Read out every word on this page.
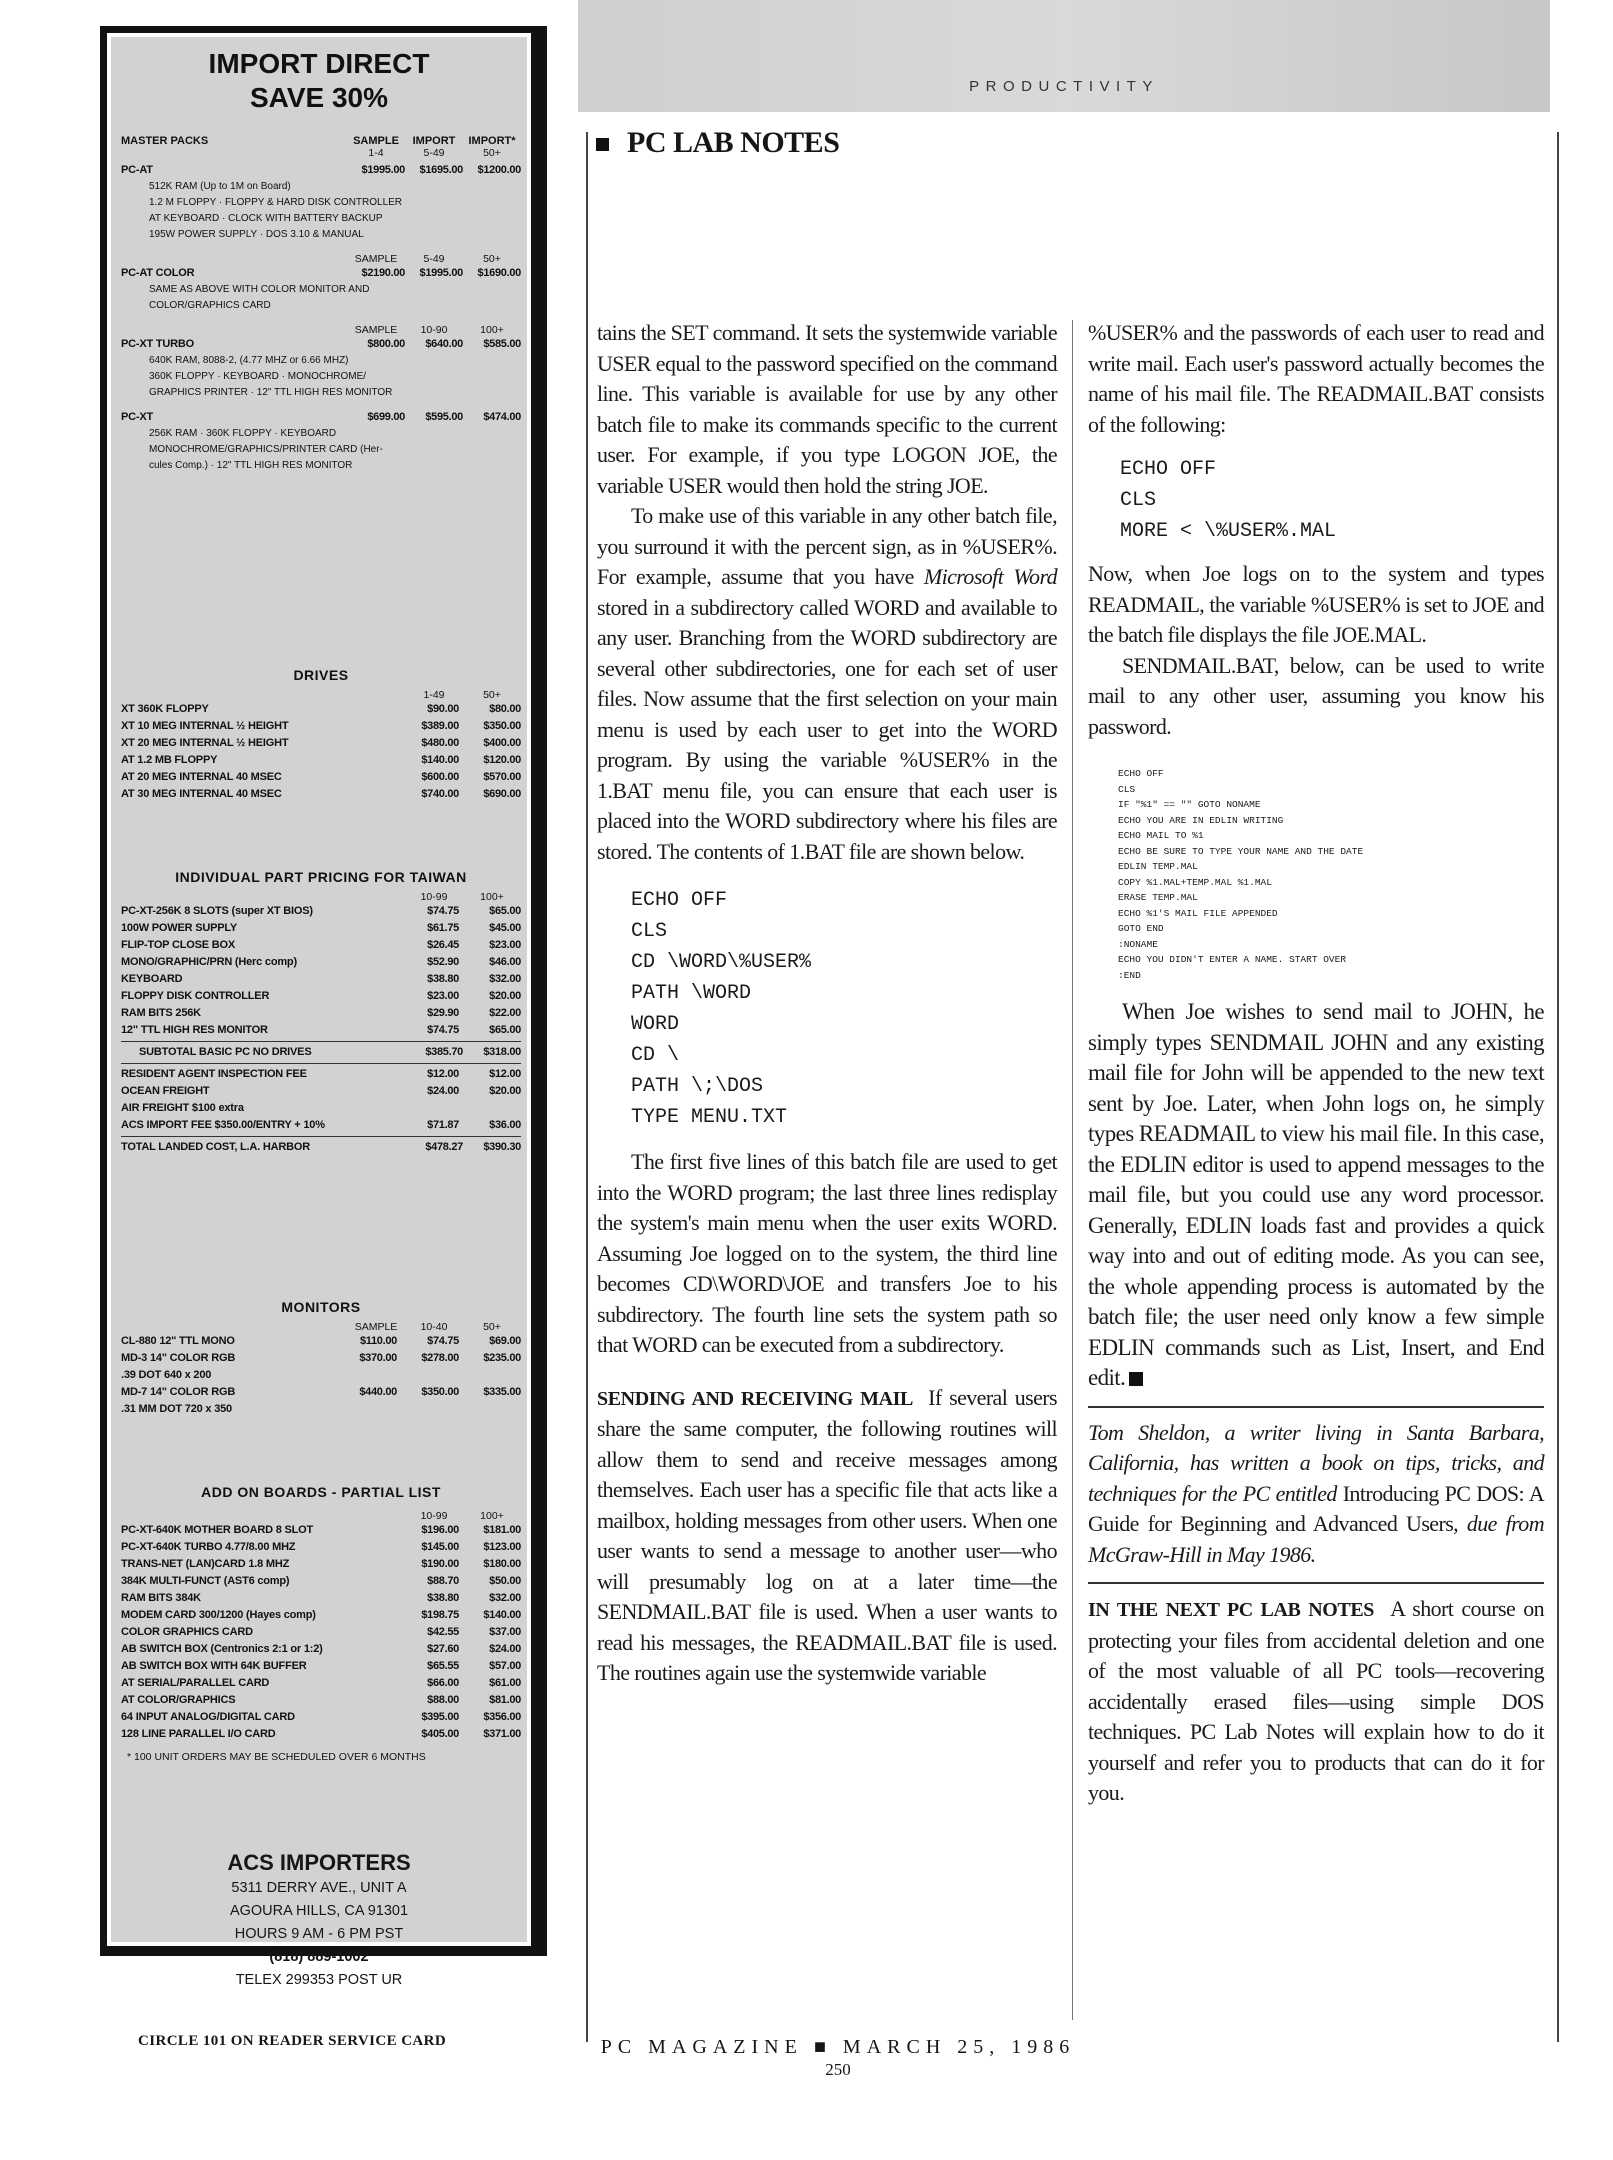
IMPORT DIRECT
SAVE 30%
MASTER PACKS	SAMPLE	IMPORT	IMPORT*
1-4	5-49	50+
PC-AT	$1995.00	$1695.00	$1200.00
512K RAM (Up to 1M on Board)
1.2 M FLOPPY · FLOPPY & HARD DISK CONTROLLER
AT KEYBOARD · CLOCK WITH BATTERY BACKUP
195W POWER SUPPLY · DOS 3.10 & MANUAL
SAMPLE	5-49	50+
PC-AT COLOR	$2190.00	$1995.00	$1690.00
SAME AS ABOVE WITH COLOR MONITOR AND
COLOR/GRAPHICS CARD
SAMPLE	10-90	100+
PC-XT TURBO	$800.00	$640.00	$585.00
640K RAM, 8088-2, (4.77 MHZ or 6.66 MHZ)
360K FLOPPY · KEYBOARD · MONOCHROME/
GRAPHICS PRINTER · 12" TTL HIGH RES MONITOR
PC-XT	$699.00	$595.00	$474.00
256K RAM · 360K FLOPPY · KEYBOARD
MONOCHROME/GRAPHICS/PRINTER CARD (Her-
cules Comp.) · 12" TTL HIGH RES MONITOR
DRIVES
1-49	50+
XT 360K FLOPPY	$90.00	$80.00
XT 10 MEG INTERNAL ½ HEIGHT	$389.00	$350.00
XT 20 MEG INTERNAL ½ HEIGHT	$480.00	$400.00
AT 1.2 MB FLOPPY	$140.00	$120.00
AT 20 MEG INTERNAL 40 MSEC	$600.00	$570.00
AT 30 MEG INTERNAL 40 MSEC	$740.00	$690.00
INDIVIDUAL PART PRICING FOR TAIWAN
10-99	100+
PC-XT-256K 8 SLOTS (super XT BIOS)	$74.75	$65.00
100W POWER SUPPLY	$61.75	$45.00
FLIP-TOP CLOSE BOX	$26.45	$23.00
MONO/GRAPHIC/PRN (Herc comp)	$52.90	$46.00
KEYBOARD	$38.80	$32.00
FLOPPY DISK CONTROLLER	$23.00	$20.00
RAM BITS 256K	$29.90	$22.00
12" TTL HIGH RES MONITOR	$74.75	$65.00
SUBTOTAL BASIC PC NO DRIVES	$385.70	$318.00
RESIDENT AGENT INSPECTION FEE	$12.00	$12.00
OCEAN FREIGHT	$24.00	$20.00
AIR FREIGHT $100 extra
ACS IMPORT FEE $350.00/ENTRY + 10%	$71.87	$36.00
TOTAL LANDED COST, L.A. HARBOR	$478.27	$390.30
MONITORS
SAMPLE	10-40	50+
CL-880 12" TTL MONO	$110.00	$74.75	$69.00
MD-3 14" COLOR RGB	$370.00	$278.00	$235.00
.39 DOT 640 x 200
MD-7 14" COLOR RGB	$440.00	$350.00	$335.00
.31 MM DOT 720 x 350
ADD ON BOARDS - PARTIAL LIST
10-99	100+
PC-XT-640K MOTHER BOARD 8 SLOT	$196.00	$181.00
PC-XT-640K TURBO 4.77/8.00 MHZ	$145.00	$123.00
TRANS-NET (LAN)CARD 1.8 MHZ	$190.00	$180.00
384K MULTI-FUNCT (AST6 comp)	$88.70	$50.00
RAM BITS 384K	$38.80	$32.00
MODEM CARD 300/1200 (Hayes comp)	$198.75	$140.00
COLOR GRAPHICS CARD	$42.55	$37.00
AB SWITCH BOX (Centronics 2:1 or 1:2)	$27.60	$24.00
AB SWITCH BOX WITH 64K BUFFER	$65.55	$57.00
AT SERIAL/PARALLEL CARD	$66.00	$61.00
AT COLOR/GRAPHICS	$88.00	$81.00
64 INPUT ANALOG/DIGITAL CARD	$395.00	$356.00
128 LINE PARALLEL I/O CARD	$405.00	$371.00
* 100 UNIT ORDERS MAY BE SCHEDULED OVER 6 MONTHS
ACS IMPORTERS
5311 DERRY AVE., UNIT A
AGOURA HILLS, CA 91301
HOURS 9 AM - 6 PM PST
(818) 889-1002
TELEX 299353 POST UR
CIRCLE 101 ON READER SERVICE CARD
PRODUCTIVITY
PC LAB NOTES

tains the SET command. It sets the systemwide variable USER equal to the password specified on the command line. This variable is available for use by any other batch file to make its commands specific to the current user. For example, if you type LOGON JOE, the variable USER would then hold the string JOE.

To make use of this variable in any other batch file, you surround it with the percent sign, as in %USER%. For example, assume that you have Microsoft Word stored in a subdirectory called WORD and available to any user. Branching from the WORD subdirectory are several other subdirectories, one for each set of user files. Now assume that the first selection on your main menu is used by each user to get into the WORD program. By using the variable %USER% in the 1.BAT menu file, you can ensure that each user is placed into the WORD subdirectory where his files are stored. The contents of 1.BAT file are shown below.

ECHO OFF
CLS
CD \WORD\%USER%
PATH \WORD
WORD
CD \
PATH \;\DOS
TYPE MENU.TXT

The first five lines of this batch file are used to get into the WORD program; the last three lines redisplay the system's main menu when the user exits WORD. Assuming Joe logged on to the system, the third line becomes CD\WORD\JOE and transfers Joe to his subdirectory. The fourth line sets the system path so that WORD can be executed from a subdirectory.

SENDING AND RECEIVING MAIL If several users share the same computer, the following routines will allow them to send and receive messages among themselves. Each user has a specific file that acts like a mailbox, holding messages from other users. When one user wants to send a message to another user—who will presumably log on at a later time—the SENDMAIL.BAT file is used. When a user wants to read his messages, the READMAIL.BAT file is used. The routines again use the systemwide variable

%USER% and the passwords of each user to read and write mail. Each user's password actually becomes the name of his mail file. The READMAIL.BAT consists of the following:

ECHO OFF
CLS
MORE < \%USER%.MAL

Now, when Joe logs on to the system and types READMAIL, the variable %USER% is set to JOE and the batch file displays the file JOE.MAL.

SENDMAIL.BAT, below, can be used to write mail to any other user, assuming you know his password.

ECHO OFF
CLS
IF "%1" == "" GOTO NONAME
ECHO YOU ARE IN EDLIN WRITING
ECHO MAIL TO %1
ECHO BE SURE TO TYPE YOUR NAME AND THE DATE
EDLIN TEMP.MAL
COPY %1.MAL+TEMP.MAL %1.MAL
ERASE TEMP.MAL
ECHO %1'S MAIL FILE APPENDED
GOTO END
:NONAME
ECHO YOU DIDN'T ENTER A NAME. START OVER
:END

When Joe wishes to send mail to JOHN, he simply types SENDMAIL JOHN and any existing mail file for John will be appended to the new text sent by Joe. Later, when John logs on, he simply types READMAIL to view his mail file. In this case, the EDLIN editor is used to append messages to the mail file, but you could use any word processor. Generally, EDLIN loads fast and provides a quick way into and out of editing mode. As you can see, the whole appending process is automated by the batch file; the user need only know a few simple EDLIN commands such as List, Insert, and End edit.

Tom Sheldon, a writer living in Santa Barbara, California, has written a book on tips, tricks, and techniques for the PC entitled Introducing PC DOS: A Guide for Beginning and Advanced Users, due from McGraw-Hill in May 1986.

IN THE NEXT PC LAB NOTES A short course on protecting your files from accidental deletion and one of the most valuable of all PC tools—recovering accidentally erased files—using simple DOS techniques. PC Lab Notes will explain how to do it yourself and refer you to products that can do it for you.

PC MAGAZINE ■ MARCH 25, 1986
250
